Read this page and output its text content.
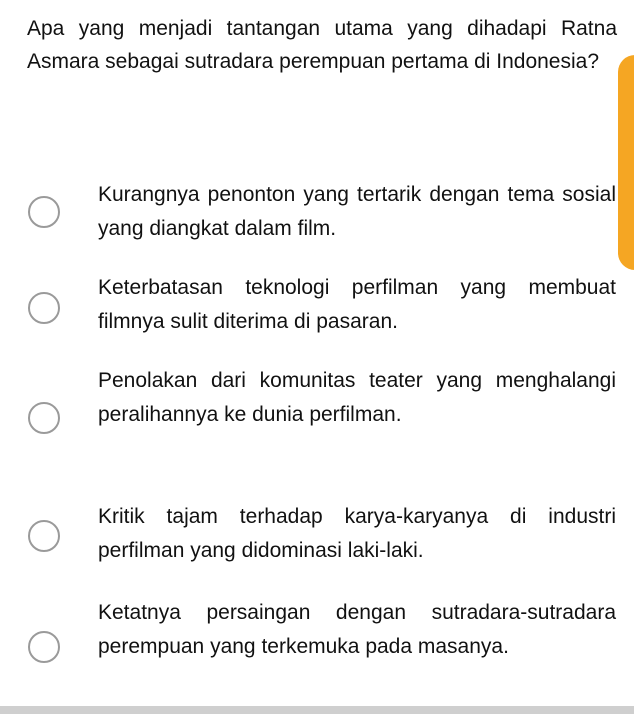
Apa yang menjadi tantangan utama yang dihadapi Ratna Asmara sebagai sutradara perempuan pertama di Indonesia?

Kurangnya penonton yang tertarik dengan tema sosial yang diangkat dalam film.

Keterbatasan teknologi perfilman yang membuat filmnya sulit diterima di pasaran.

Penolakan dari komunitas teater yang menghalangi peralihannya ke dunia perfilman.

Kritik tajam terhadap karya-karyanya di industri perfilman yang didominasi laki-laki.

Ketatnya persaingan dengan sutradara-sutradara perempuan yang terkemuka pada masanya.
